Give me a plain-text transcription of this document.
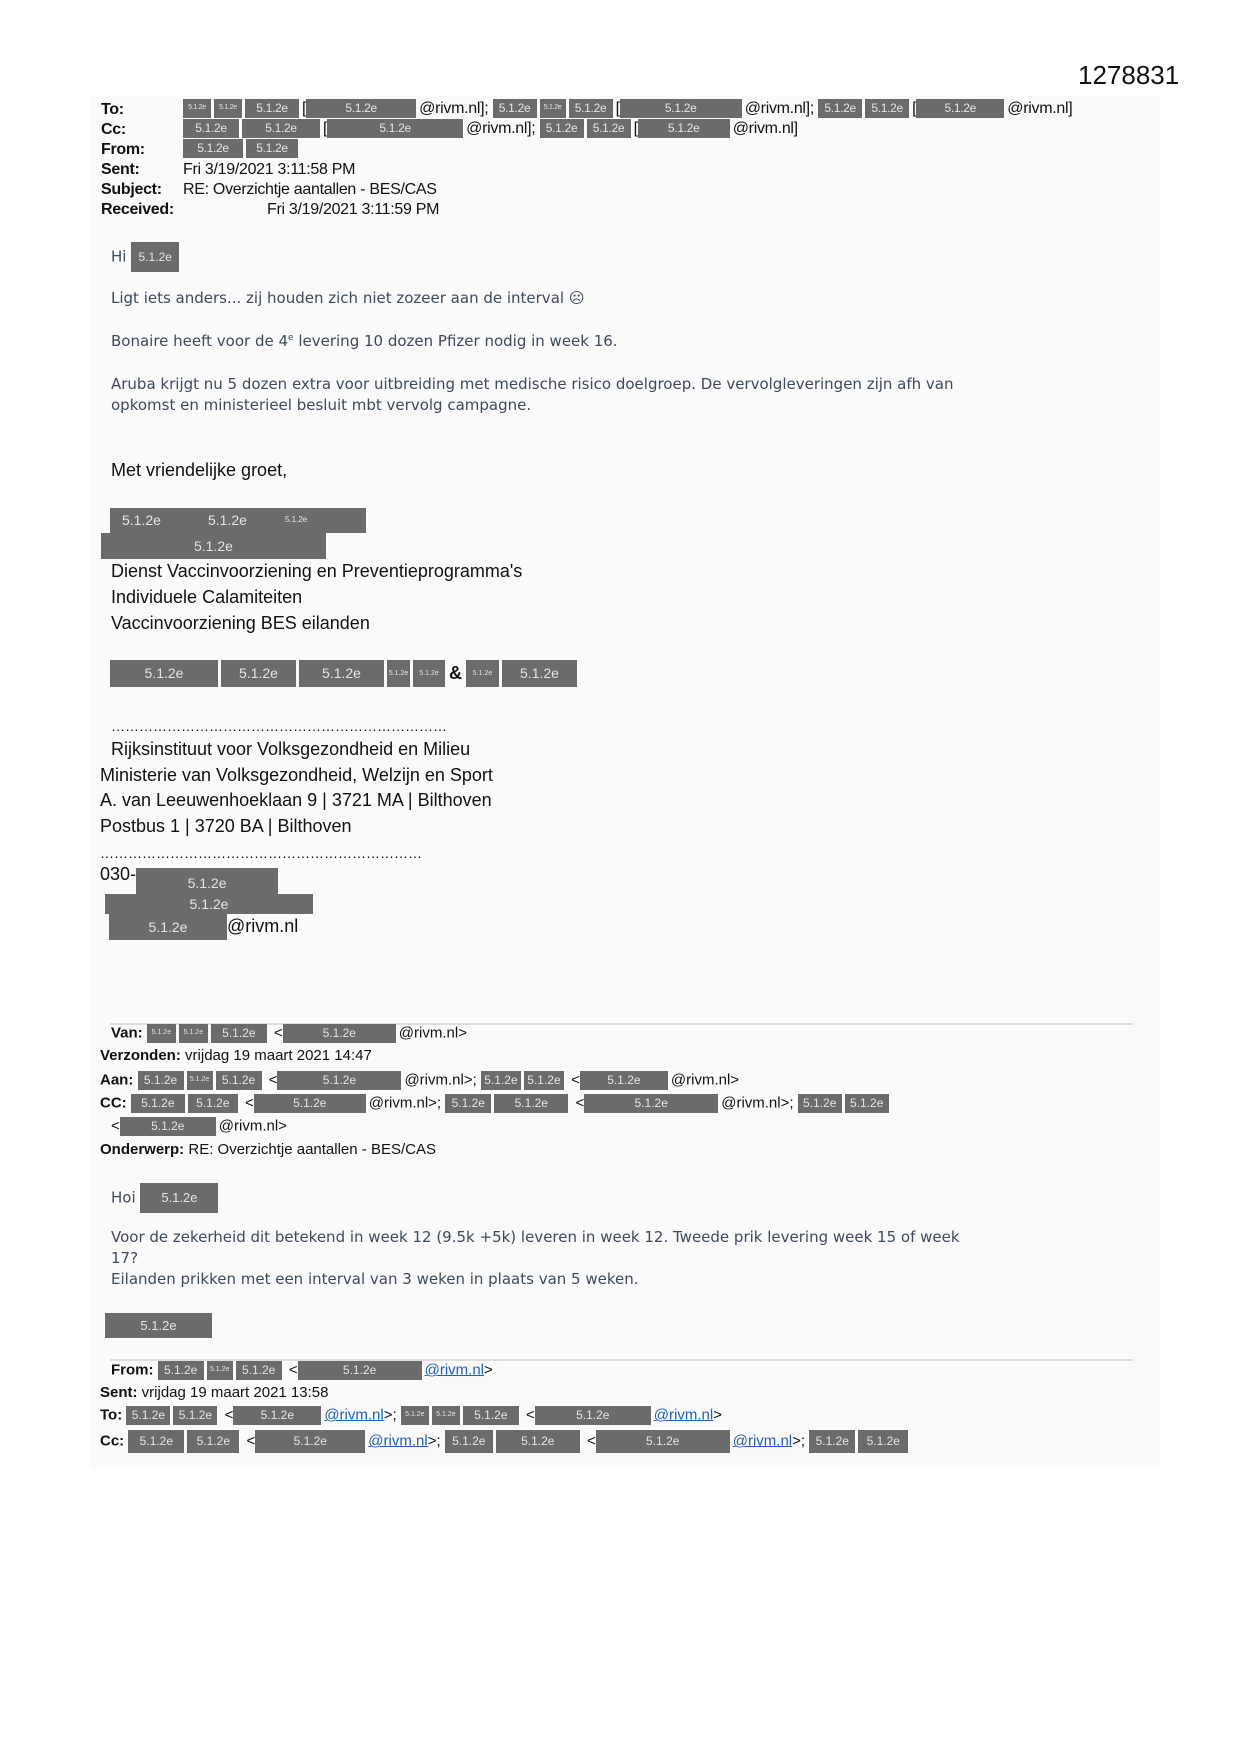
1278831
To:	5.1.2e 5.1.2e 5.1.2e [	5.1.2e	@rivm.nl]; 5.1.2e 5.1.2e 5.1.2e [	5.1.2e	@rivm.nl]; 5.1.2e 5.1.2e [ 5.1.2e @rivm.nl]
Cc:	5.1.2e	5.1.2e [	5.1.2e	@rivm.nl]; 5.1.2e 5.1.2e [	5.1.2e @rivm.nl]
From:	5.1.2e 5.1.2e
Sent:	Fri 3/19/2021 3:11:58 PM
Subject: RE: Overzichtje aantallen - BES/CAS
Received:	Fri 3/19/2021 3:11:59 PM
Hi 5.1.2e
Ligt iets anders... zij houden zich niet zozeer aan de interval ☹
Bonaire heeft voor de 4e levering 10 dozen Pfizer nodig in week 16.
Aruba krijgt nu 5 dozen extra voor uitbreiding met medische risico doelgroep. De vervolgleveringen zijn afh van
opkomst en ministerieel besluit mbt vervolg campagne.
Met vriendelijke groet,
5.1.2e	5.1.2e	5.1.2e
5.1.2e
Dienst Vaccinvoorziening en Preventieprogramma's
Individuele Calamiteiten
Vaccinvoorziening BES eilanden
5.1.2e	5.1.2e	5.1.2e	5.1.2e 5.1.2e & 5.1.2e 5.1.2e
………………………………………………………………
Rijksinstituut voor Volksgezondheid en Milieu
Ministerie van Volksgezondheid, Welzijn en Sport
A. van Leeuwenhoeklaan 9 | 3721 MA | Bilthoven
Postbus 1 | 3720 BA | Bilthoven
……………………………………………………………
030-	5.1.2e
5.1.2e
5.1.2e @rivm.nl
Van: 5.1.2e 5.1.2e 5.1.2e <	5.1.2e	@rivm.nl>
Verzonden: vrijdag 19 maart 2021 14:47
Aan: 5.1.2e 5.1.2e 5.1.2e <	5.1.2e	@rivm.nl>; 5.1.2e 5.1.2e < 5.1.2e @rivm.nl>
CC: 5.1.2e 5.1.2e <	5.1.2e	@rivm.nl>; 5.1.2e 5.1.2e <	5.1.2e	@rivm.nl>; 5.1.2e 5.1.2e
<	5.1.2e @rivm.nl>
Onderwerp: RE: Overzichtje aantallen - BES/CAS
Hoi 5.1.2e
Voor de zekerheid dit betekend in week 12 (9.5k +5k) leveren in week 12. Tweede prik levering week 15 of week
17?
Eilanden prikken met een interval van 3 weken in plaats van 5 weken.
5.1.2e
From: 5.1.2e 5.1.2e 5.1.2e <	5.1.2e	@rivm.nl>
Sent: vrijdag 19 maart 2021 13:58
To: 5.1.2e 5.1.2e < 5.1.2e @rivm.nl>; 5.1.2e 5.1.2e 5.1.2e <	5.1.2e	@rivm.nl>
Cc: 5.1.2e 5.1.2e <	5.1.2e	@rivm.nl>; 5.1.2e	5.1.2e <	5.1.2e	@rivm.nl>; 5.1.2e 5.1.2e
